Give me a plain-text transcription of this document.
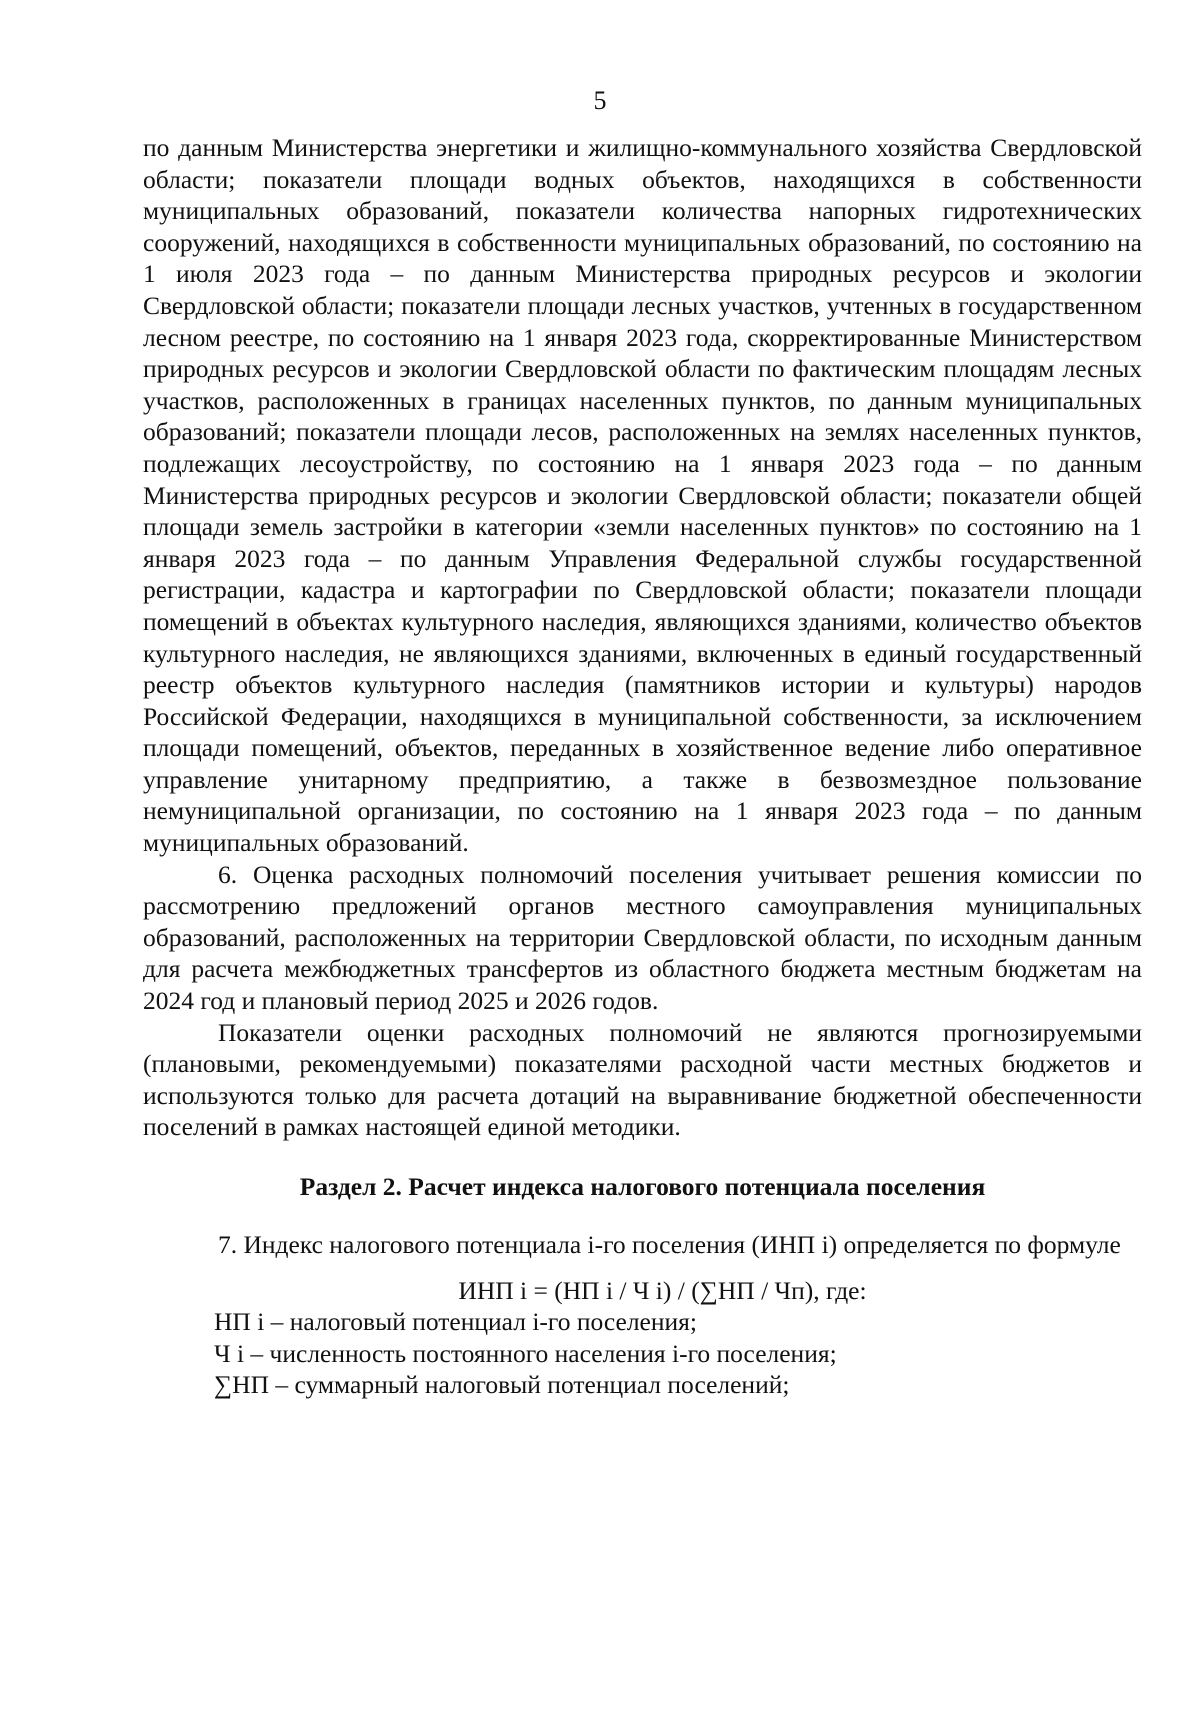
5

по данным Министерства энергетики и жилищно-коммунального хозяйства Свердловской области; показатели площади водных объектов, находящихся в собственности муниципальных образований, показатели количества напорных гидротехнических сооружений, находящихся в собственности муниципальных образований, по состоянию на 1 июля 2023 года – по данным Министерства природных ресурсов и экологии Свердловской области; показатели площади лесных участков, учтенных в государственном лесном реестре, по состоянию на 1 января 2023 года, скорректированные Министерством природных ресурсов и экологии Свердловской области по фактическим площадям лесных участков, расположенных в границах населенных пунктов, по данным муниципальных образований; показатели площади лесов, расположенных на землях населенных пунктов, подлежащих лесоустройству, по состоянию на 1 января 2023 года – по данным Министерства природных ресурсов и экологии Свердловской области; показатели общей площади земель застройки в категории «земли населенных пунктов» по состоянию на 1 января 2023 года – по данным Управления Федеральной службы государственной регистрации, кадастра и картографии по Свердловской области; показатели площади помещений в объектах культурного наследия, являющихся зданиями, количество объектов культурного наследия, не являющихся зданиями, включенных в единый государственный реестр объектов культурного наследия (памятников истории и культуры) народов Российской Федерации, находящихся в муниципальной собственности, за исключением площади помещений, объектов, переданных в хозяйственное ведение либо оперативное управление унитарному предприятию, а также в безвозмездное пользование немуниципальной организации, по состоянию на 1 января 2023 года – по данным муниципальных образований.

6. Оценка расходных полномочий поселения учитывает решения комиссии по рассмотрению предложений органов местного самоуправления муниципальных образований, расположенных на территории Свердловской области, по исходным данным для расчета межбюджетных трансфертов из областного бюджета местным бюджетам на 2024 год и плановый период 2025 и 2026 годов.

Показатели оценки расходных полномочий не являются прогнозируемыми (плановыми, рекомендуемыми) показателями расходной части местных бюджетов и используются только для расчета дотаций на выравнивание бюджетной обеспеченности поселений в рамках настоящей единой методики.

Раздел 2. Расчет индекса налогового потенциала поселения

7. Индекс налогового потенциала i-го поселения (ИНП i) определяется по формуле

ИНП i = (НП i / Ч i) / (∑НП / Чп), где:

НП i – налоговый потенциал i-го поселения;
Ч i – численность постоянного населения i-го поселения;
∑НП – суммарный налоговый потенциал поселений;
